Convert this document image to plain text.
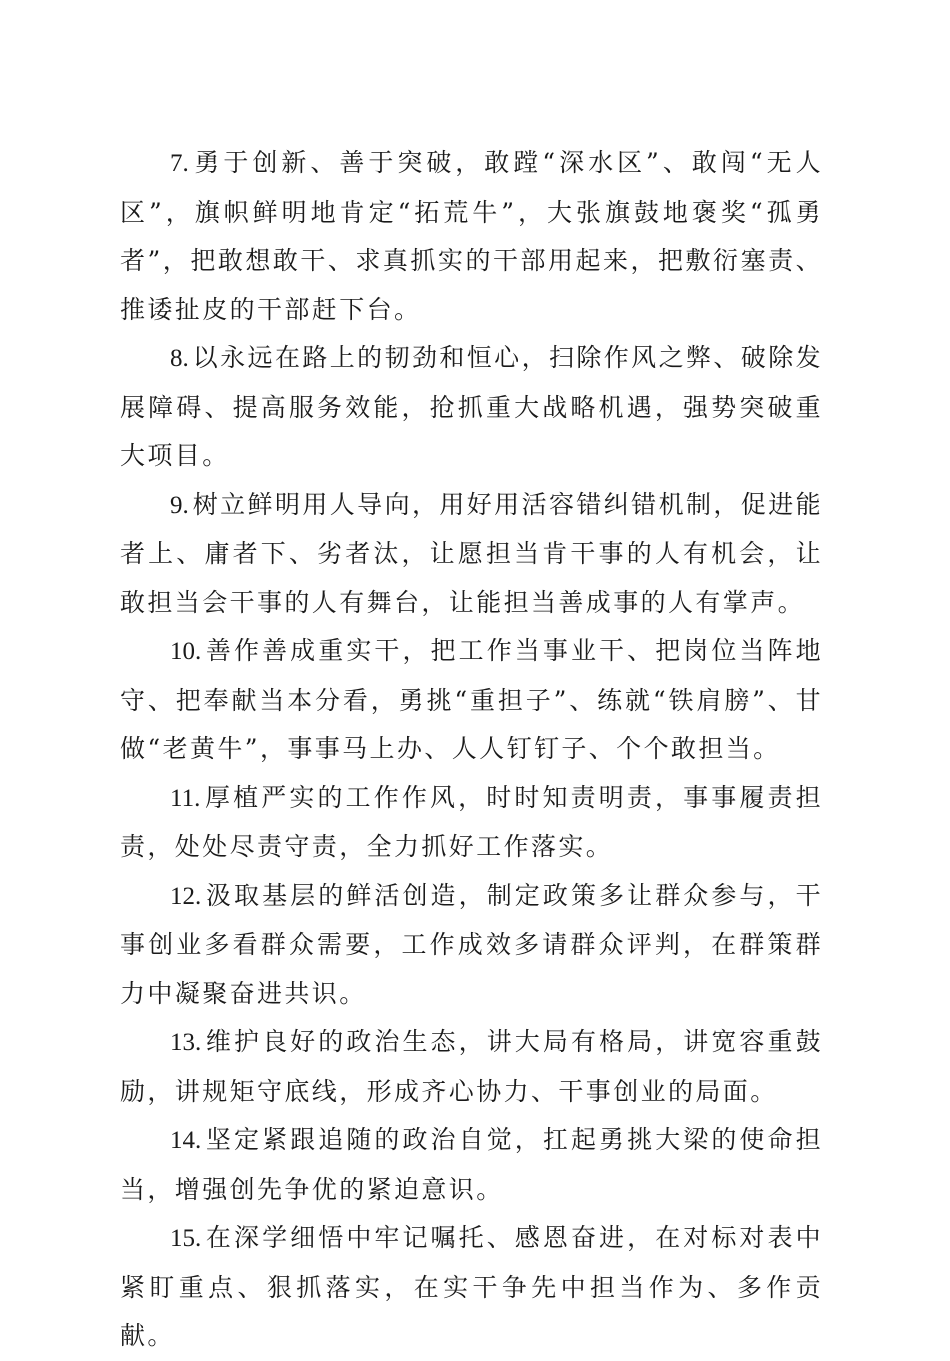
7. 勇于创新、善于突破，敢蹚“深水区”、敢闯“无人区”，旗帜鲜明地肯定“拓荒牛”，大张旗鼓地褒奖“孤勇者”，把敢想敢干、求真抓实的干部用起来，把敷衍塞责、推诿扯皮的干部赶下台。

8. 以永远在路上的韧劲和恒心，扫除作风之弊、破除发展障碍、提高服务效能，抢抓重大战略机遇，强势突破重大项目。

9. 树立鲜明用人导向，用好用活容错纠错机制，促进能者上、庸者下、劣者汰，让愿担当肯干事的人有机会，让敢担当会干事的人有舞台，让能担当善成事的人有掌声。

10. 善作善成重实干，把工作当事业干、把岗位当阵地守、把奉献当本分看，勇挑“重担子”、练就“铁肩膀”、甘做“老黄牛”，事事马上办、人人钉钉子、个个敢担当。

11. 厚植严实的工作作风，时时知责明责，事事履责担责，处处尽责守责，全力抓好工作落实。

12. 汲取基层的鲜活创造，制定政策多让群众参与，干事创业多看群众需要，工作成效多请群众评判，在群策群力中凝聚奋进共识。

13. 维护良好的政治生态，讲大局有格局，讲宽容重鼓励，讲规矩守底线，形成齐心协力、干事创业的局面。

14. 坚定紧跟追随的政治自觉，扛起勇挑大梁的使命担当，增强创先争优的紧迫意识。

15. 在深学细悟中牢记嘱托、感恩奋进，在对标对表中紧盯重点、狠抓落实，在实干争先中担当作为、多作贡献。
